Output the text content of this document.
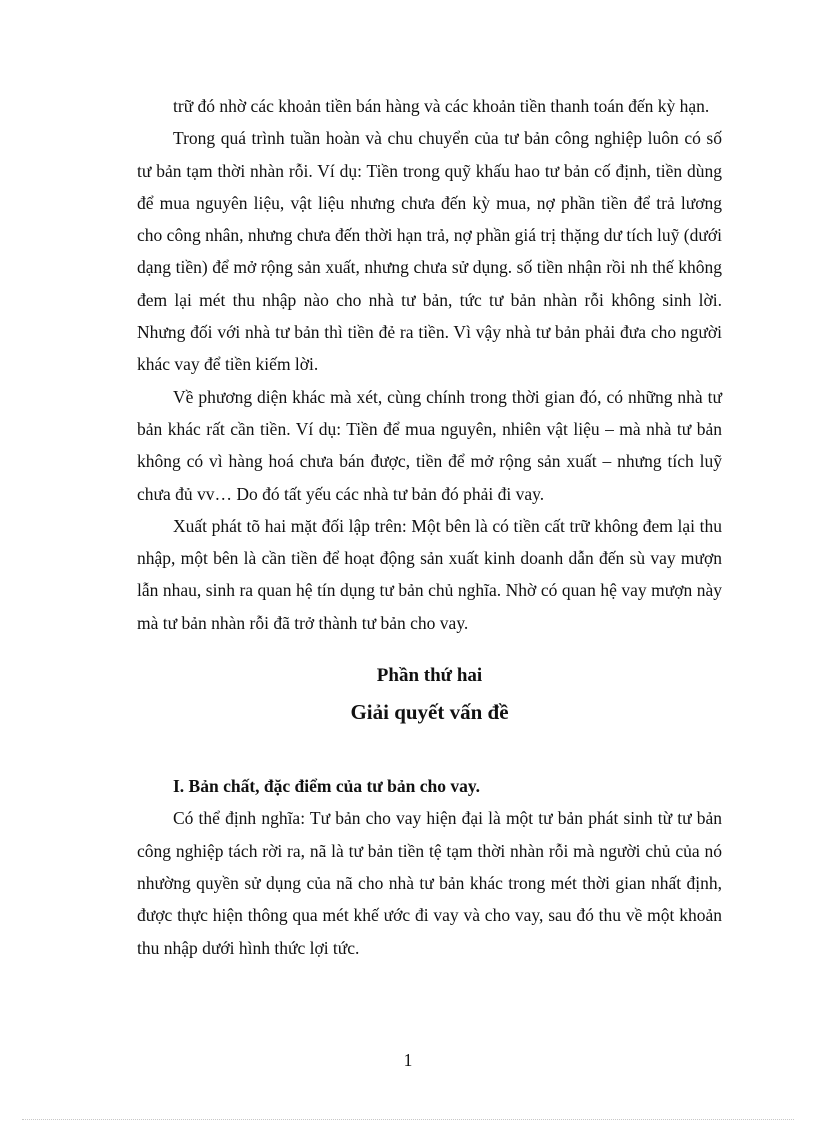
trữ đó nhờ các khoản tiền bán hàng và các khoản tiền thanh toán đến kỳ hạn.

Trong quá trình tuần hoàn và chu chuyển của tư bản công nghiệp luôn có số tư bản tạm thời nhàn rỗi. Ví dụ: Tiền trong quỹ khấu hao tư bản cố định, tiền dùng để mua nguyên liệu, vật liệu nhưng chưa đến kỳ mua, nợ phần tiền để trả lương cho công nhân, nhưng chưa đến thời hạn trả, nợ phần giá trị thặng dư tích luỹ (dưới dạng tiền) để mở rộng sản xuất, nhưng chưa sử dụng. số tiền nhận rồi nh thế không đem lại mét thu nhập nào cho nhà tư bản, tức tư bản nhàn rỗi không sinh lời. Nhưng đối với nhà tư bản thì tiền đẻ ra tiền. Vì vậy nhà tư bản phải đưa cho người khác vay để tiền kiếm lời.

Về phương diện khác mà xét, cùng chính trong thời gian đó, có những nhà tư bản khác rất cần tiền. Ví dụ: Tiền để mua nguyên, nhiên vật liệu – mà nhà tư bản không có vì hàng hoá chưa bán được, tiền để mở rộng sản xuất – nhưng tích luỹ chưa đủ vv… Do đó tất yếu các nhà tư bản đó phải đi vay.

Xuất phát tõ hai mặt đối lập trên: Một bên là có tiền cất trữ không đem lại thu nhập, một bên là cần tiền để hoạt động sản xuất kinh doanh dẫn đến sù vay mượn lẫn nhau, sinh ra quan hệ tín dụng tư bản chủ nghĩa. Nhờ có quan hệ vay mượn này mà tư bản nhàn rỗi đã trở thành tư bản cho vay.

Phần thứ hai
Giải quyết vấn đề
I. Bản chất, đặc điểm của tư bản cho vay.

Có thể định nghĩa: Tư bản cho vay hiện đại là một tư bản phát sinh từ tư bản công nghiệp tách rời ra, nã là tư bản tiền tệ tạm thời nhàn rỗi mà người chủ của nó nhường quyền sử dụng của nã cho nhà tư bản khác trong mét thời gian nhất định, được thực hiện thông qua mét khế ước đi vay và cho vay, sau đó thu về một khoản thu nhập dưới hình thức lợi tức.

1
